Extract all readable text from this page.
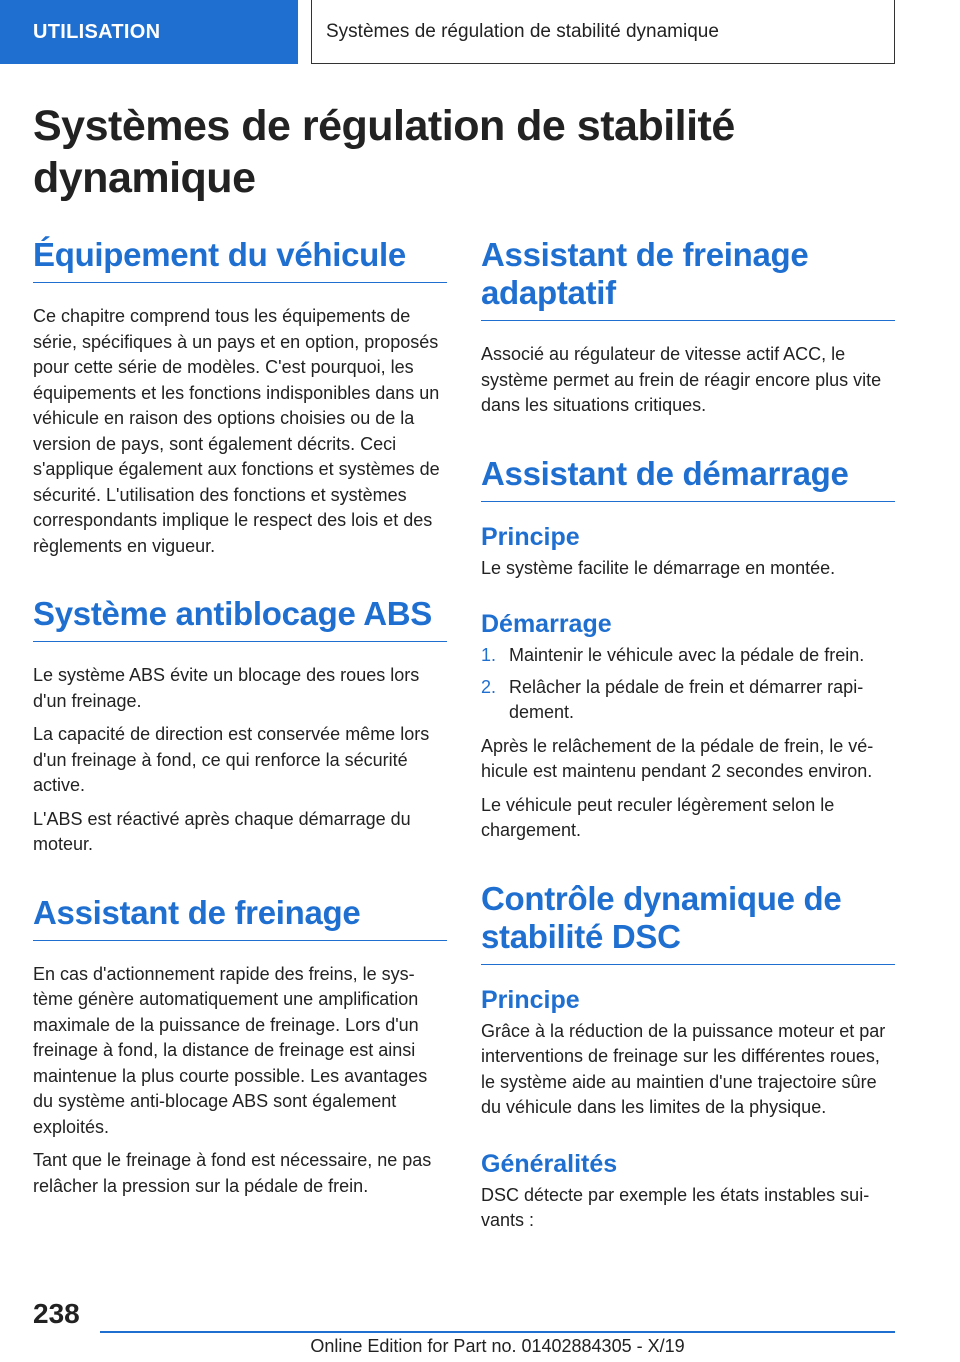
UTILISATION	Systèmes de régulation de stabilité dynamique
Systèmes de régulation de stabilité
dynamique
Équipement du véhicule

Ce chapitre comprend tous les équipements de série, spécifiques à un pays et en option, proposés pour cette série de modèles. C'est pourquoi, les équipements et les fonctions indisponibles dans un véhicule en raison des options choisies ou de la version de pays, sont également décrits. Ceci s'applique également aux fonctions et systèmes de sécurité. L'utilisation des fonctions et systèmes correspondants implique le respect des lois et des règlements en vigueur.

Système antiblocage ABS

Le système ABS évite un blocage des roues lors d'un freinage.

La capacité de direction est conservée même lors d'un freinage à fond, ce qui renforce la sécurité active.

L'ABS est réactivé après chaque démarrage du moteur.

Assistant de freinage

En cas d'actionnement rapide des freins, le système génère automatiquement une amplification maximale de la puissance de freinage. Lors d'un freinage à fond, la distance de freinage est ainsi maintenue la plus courte possible. Les avantages du système anti-blocage ABS sont également exploités.

Tant que le freinage à fond est nécessaire, ne pas relâcher la pression sur la pédale de frein.

Assistant de freinage
adaptatif

Associé au régulateur de vitesse actif ACC, le système permet au frein de réagir encore plus vite dans les situations critiques.

Assistant de démarrage
Principe

Le système facilite le démarrage en montée.

Démarrage
1. Maintenir le véhicule avec la pédale de frein.
2. Relâcher la pédale de frein et démarrer rapidement.

Après le relâchement de la pédale de frein, le véhicule est maintenu pendant 2 secondes environ.

Le véhicule peut reculer légèrement selon le chargement.

Contrôle dynamique de
stabilité DSC
Principe

Grâce à la réduction de la puissance moteur et par interventions de freinage sur les différentes roues, le système aide au maintien d'une trajectoire sûre du véhicule dans les limites de la physique.

Généralités

DSC détecte par exemple les états instables suivants :

238
Online Edition for Part no. 01402884305 - X/19
